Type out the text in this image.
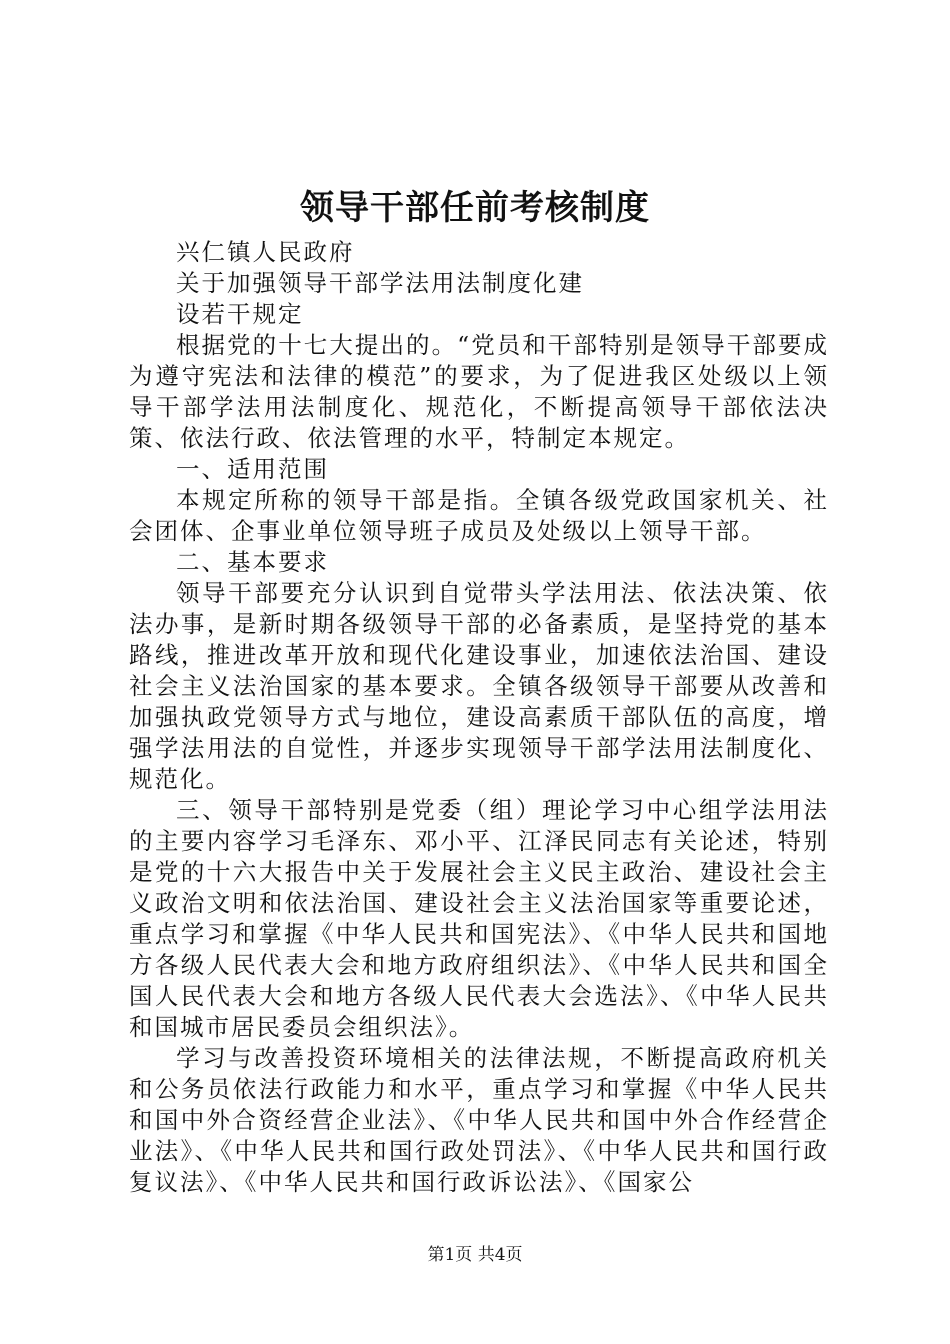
领导干部任前考核制度

兴仁镇人民政府

关于加强领导干部学法用法制度化建

设若干规定

根据党的十七大提出的。“党员和干部特别是领导干部要成为遵守宪法和法律的模范”的要求，为了促进我区处级以上领导干部学法用法制度化、规范化，不断提高领导干部依法决策、依法行政、依法管理的水平，特制定本规定。

一、适用范围

本规定所称的领导干部是指。全镇各级党政国家机关、社会团体、企事业单位领导班子成员及处级以上领导干部。

二、基本要求

领导干部要充分认识到自觉带头学法用法、依法决策、依法办事，是新时期各级领导干部的必备素质，是坚持党的基本路线，推进改革开放和现代化建设事业，加速依法治国、建设社会主义法治国家的基本要求。全镇各级领导干部要从改善和加强执政党领导方式与地位，建设高素质干部队伍的高度，增强学法用法的自觉性，并逐步实现领导干部学法用法制度化、规范化。

三、领导干部特别是党委（组）理论学习中心组学法用法的主要内容学习毛泽东、邓小平、江泽民同志有关论述，特别是党的十六大报告中关于发展社会主义民主政治、建设社会主义政治文明和依法治国、建设社会主义法治国家等重要论述，重点学习和掌握《中华人民共和国宪法》、《中华人民共和国地方各级人民代表大会和地方政府组织法》、《中华人民共和国全国人民代表大会和地方各级人民代表大会选法》、《中华人民共和国城市居民委员会组织法》。

学习与改善投资环境相关的法律法规，不断提高政府机关和公务员依法行政能力和水平，重点学习和掌握《中华人民共和国中外合资经营企业法》、《中华人民共和国中外合作经营企业法》、《中华人民共和国行政处罚法》、《中华人民共和国行政复议法》、《中华人民共和国行政诉讼法》、《国家公

第1页 共4页
